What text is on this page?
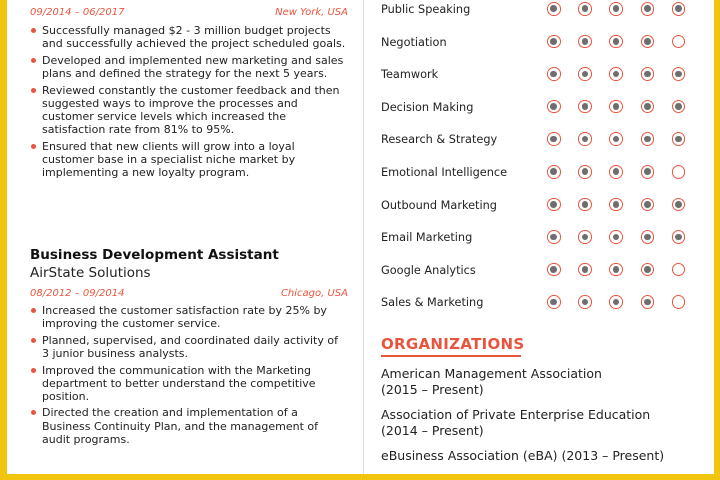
09/2014 – 06/2017	New York, USA
Successfully managed $2 - 3 million budget projects and successfully achieved the project scheduled goals.
Developed and implemented new marketing and sales plans and defined the strategy for the next 5 years.
Reviewed constantly the customer feedback and then suggested ways to improve the processes and customer service levels which increased the satisfaction rate from 81% to 95%.
Ensured that new clients will grow into a loyal customer base in a specialist niche market by implementing a new loyalty program.
Business Development Assistant
AirState Solutions
08/2012 – 09/2014	Chicago, USA
Increased the customer satisfaction rate by 25% by improving the customer service.
Planned, supervised, and coordinated daily activity of 3 junior business analysts.
Improved the communication with the Marketing department to better understand the competitive position.
Directed the creation and implementation of a Business Continuity Plan, and the management of audit programs.
Public Speaking
Negotiation
Teamwork
Decision Making
Research & Strategy
Emotional Intelligence
Outbound Marketing
Email Marketing
Google Analytics
Sales & Marketing
ORGANIZATIONS
American Management Association
(2015 – Present)
Association of Private Enterprise Education
(2014 – Present)
eBusiness Association (eBA) (2013 – Present)
